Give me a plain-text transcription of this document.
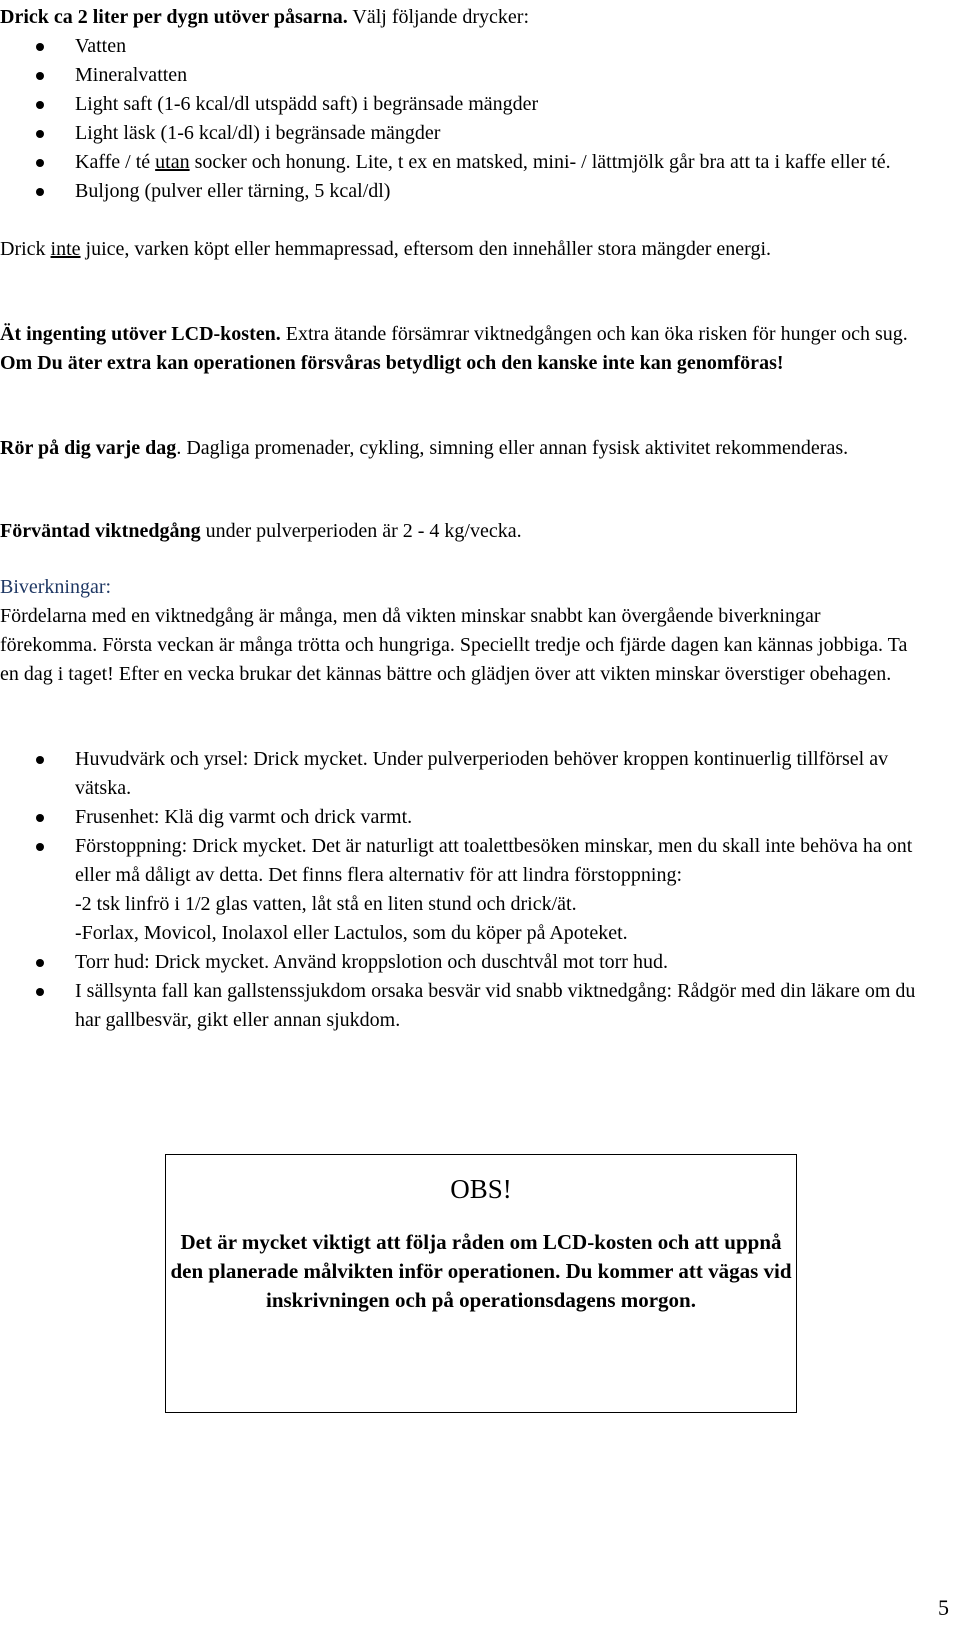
Drick ca 2 liter per dygn utöver påsarna. Välj följande drycker:

Vatten
Mineralvatten
Light saft (1-6 kcal/dl utspädd saft) i begränsade mängder
Light läsk (1-6 kcal/dl) i begränsade mängder
Kaffe / té utan socker och honung. Lite, t ex en matsked, mini- / lättmjölk går bra att ta i kaffe eller té.
Buljong (pulver eller tärning, 5 kcal/dl)

Drick inte juice, varken köpt eller hemmapressad, eftersom den innehåller stora mängder energi.

Ät ingenting utöver LCD-kosten. Extra ätande försämrar viktnedgången och kan öka risken för hunger och sug. Om Du äter extra kan operationen försvåras betydligt och den kanske inte kan genomföras!

Rör på dig varje dag. Dagliga promenader, cykling, simning eller annan fysisk aktivitet rekommenderas.

Förväntad viktnedgång under pulverperioden är 2 - 4 kg/vecka.

Biverkningar:

Fördelarna med en viktnedgång är många, men då vikten minskar snabbt kan övergående biverkningar förekomma. Första veckan är många trötta och hungriga. Speciellt tredje och fjärde dagen kan kännas jobbiga. Ta en dag i taget! Efter en vecka brukar det kännas bättre och glädjen över att vikten minskar överstiger obehagen.

Huvudvärk och yrsel: Drick mycket. Under pulverperioden behöver kroppen kontinuerlig tillförsel av vätska.
Frusenhet: Klä dig varmt och drick varmt.
Förstoppning: Drick mycket. Det är naturligt att toalettbesöken minskar, men du skall inte behöva ha ont eller må dåligt av detta. Det finns flera alternativ för att lindra förstoppning:
-2 tsk linfrö i 1/2 glas vatten, låt stå en liten stund och drick/ät.
-Forlax, Movicol, Inolaxol eller Lactulos, som du köper på Apoteket.
Torr hud: Drick mycket. Använd kroppslotion och duschtvål mot torr hud.
I sällsynta fall kan gallstenssjukdom orsaka besvär vid snabb viktnedgång: Rådgör med din läkare om du har gallbesvär, gikt eller annan sjukdom.
OBS!
Det är mycket viktigt att följa råden om LCD-kosten och att uppnå den planerade målvikten inför operationen. Du kommer att vägas vid inskrivningen och på operationsdagens morgon.
5
